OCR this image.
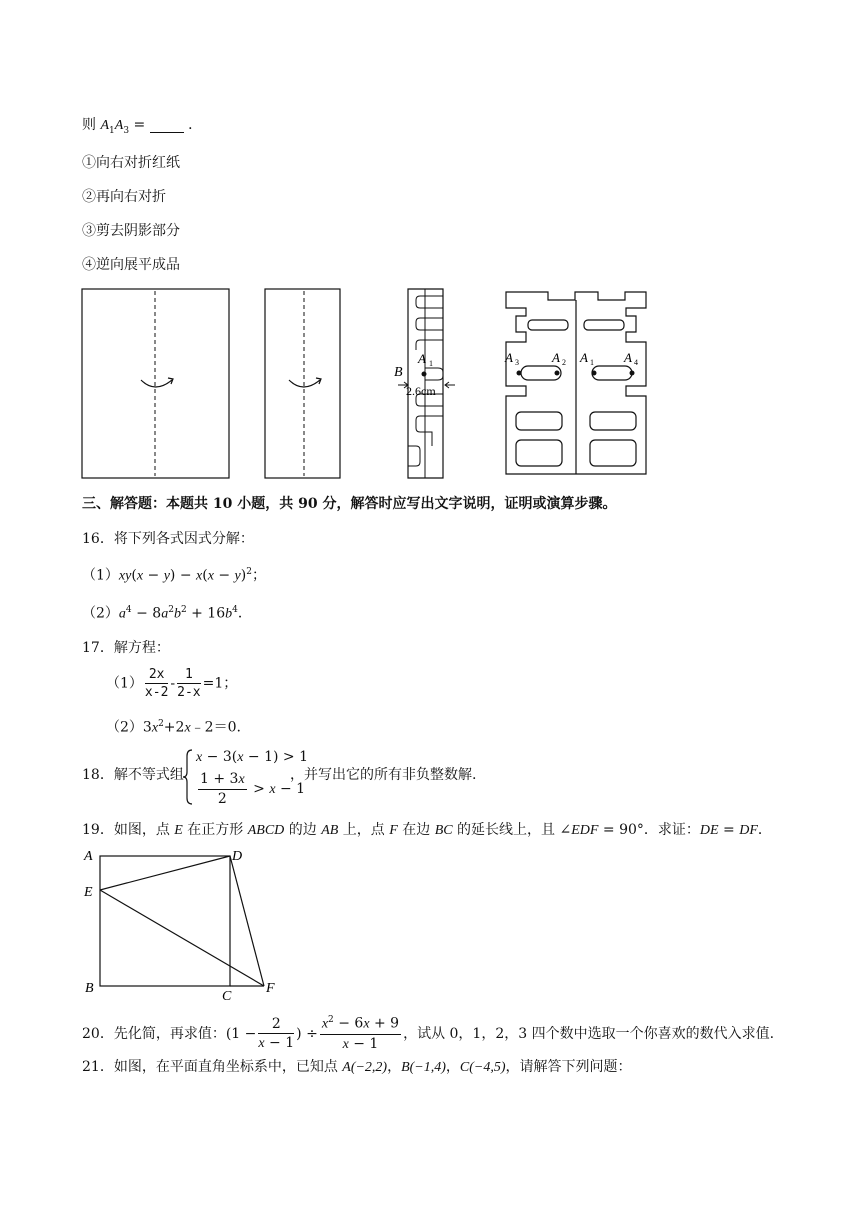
则 $A_1A_3$ =	．
①向右对折红纸
②再向右对折
③剪去阴影部分
④逆向展平成品
B
A 1
2.6cm
A 3	A 2 A 1 A 4
三、解答题：本题共 10 小题，共 90 分，解答时应写出文字说明，证明或演算步骤。
16．将下列各式因式分解：
$(1)xy(x - y) - x(x - y)^2$；
$(2)a^4 - 8a^2b^2 + 16b^4$．
17．解方程：
$(1) \frac{2x}{x-2} - \frac{1}{2-x} =1$；
$(2)3x^2+2x﹣2=0$.
18．解不等式组
x − 3(x − 1) > 1
$\frac{1 + 3x}{2} > x - 1$
，并写出它的所有非负整数解.
19．如图，点 E 在正方形 ABCD 的边 AB 上，点 F 在边 BC 的延长线上，且 ∠EDF = 90°．求证：DE = DF．
A	D
E
B
C
F
20．先化简，再求值：($1 - \frac{2}{x - 1}$ ) ÷ $\frac{x^2 - 6x + 9}{x - 1}$ ，试从 0，1，2，3 四个数中选取一个你喜欢的数代入求值.
21．如图，在平面直角坐标系中，已知点 A(−2,2)，B(−1,4)，C(−4,5)，请解答下列问题：
